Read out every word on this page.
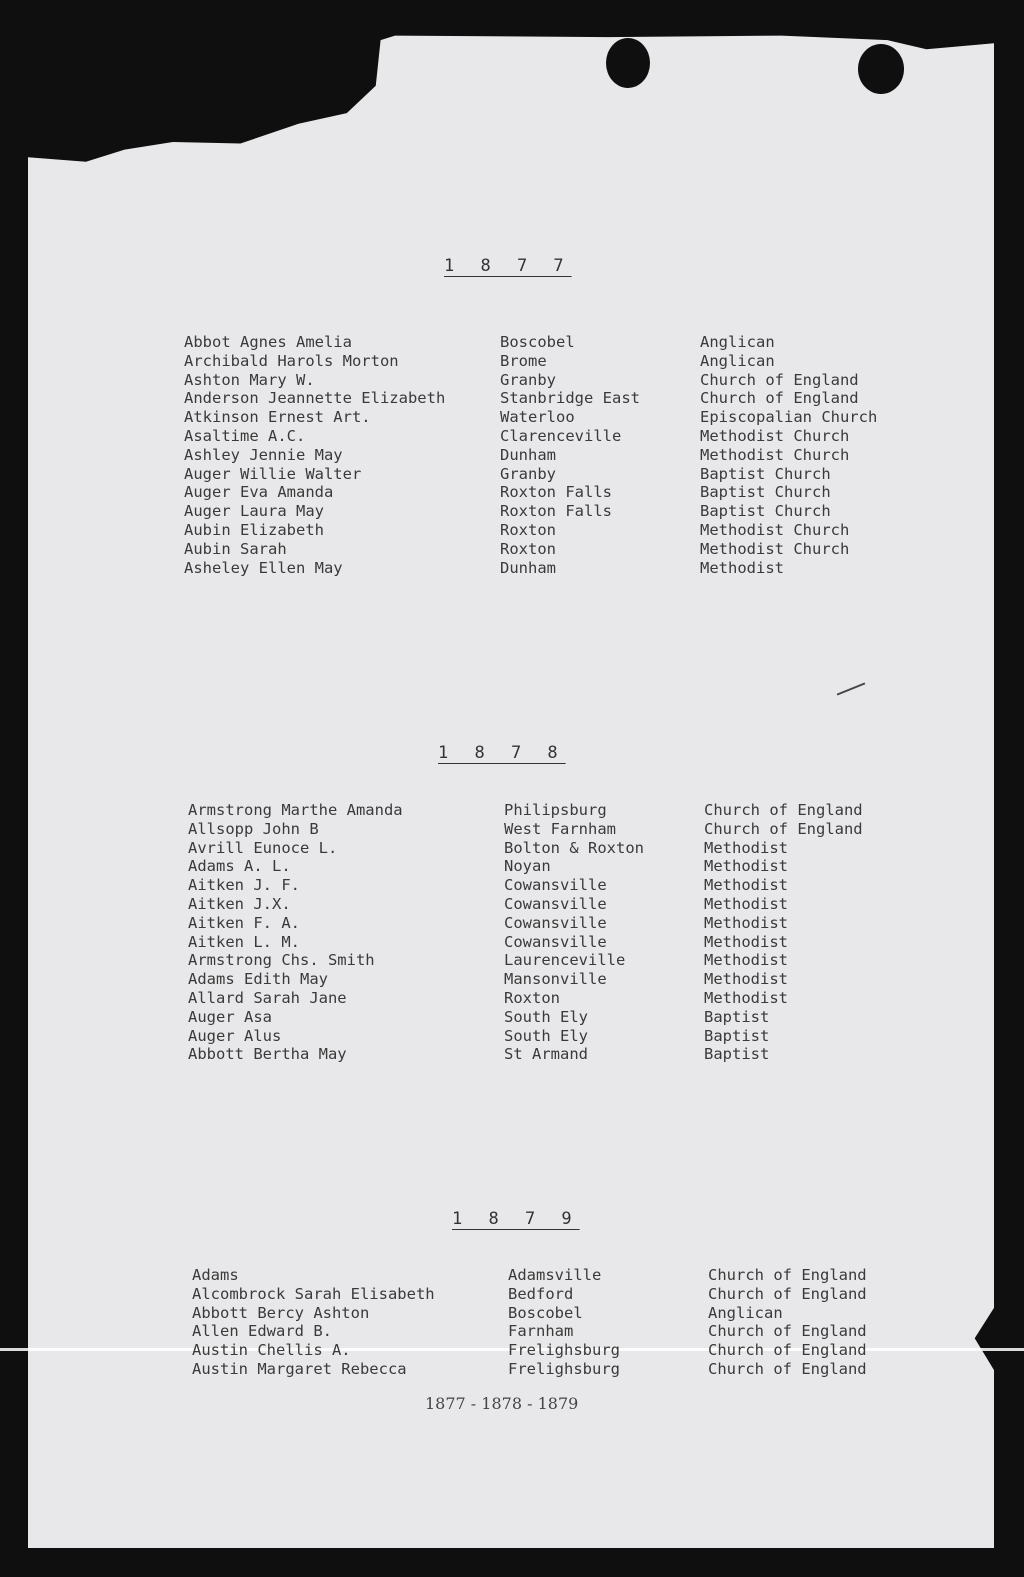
1 8 7 7
Abbot Agnes Amelia	Boscobel	Anglican
Archibald Harols Morton	Brome	Anglican
Ashton Mary W.	Granby	Church of England
Anderson Jeannette Elizabeth	Stanbridge East	Church of England
Atkinson Ernest Art.	Waterloo	Episcopalian Church
Asaltime A.C.	Clarenceville	Methodist Church
Ashley Jennie May	Dunham	Methodist Church
Auger Willie Walter	Granby	Baptist Church
Auger Eva Amanda	Roxton Falls	Baptist Church
Auger Laura May	Roxton Falls	Baptist Church
Aubin Elizabeth	Roxton	Methodist Church
Aubin Sarah	Roxton	Methodist Church
Asheley Ellen May	Dunham	Methodist
1 8 7 8
Armstrong Marthe Amanda	Philipsburg	Church of England
Allsopp John B	West Farnham	Church of England
Avrill Eunoce L.	Bolton & Roxton	Methodist
Adams A. L.	Noyan	Methodist
Aitken J. F.	Cowansville	Methodist
Aitken J.X.	Cowansville	Methodist
Aitken F. A.	Cowansville	Methodist
Aitken L. M.	Cowansville	Methodist
Armstrong Chs. Smith	Laurenceville	Methodist
Adams Edith May	Mansonville	Methodist
Allard Sarah Jane	Roxton	Methodist
Auger Asa	South Ely	Baptist
Auger Alus	South Ely	Baptist
Abbott Bertha May	St Armand	Baptist
1 8 7 9
Adams	Adamsville	Church of England
Alcombrock Sarah Elisabeth	Bedford	Church of England
Abbott Bercy Ashton	Boscobel	Anglican
Allen Edward B.	Farnham	Church of England
Austin Chellis A.	Frelighsburg	Church of England
Austin Margaret Rebecca	Frelighsburg	Church of England
1877 - 1878 - 1879
